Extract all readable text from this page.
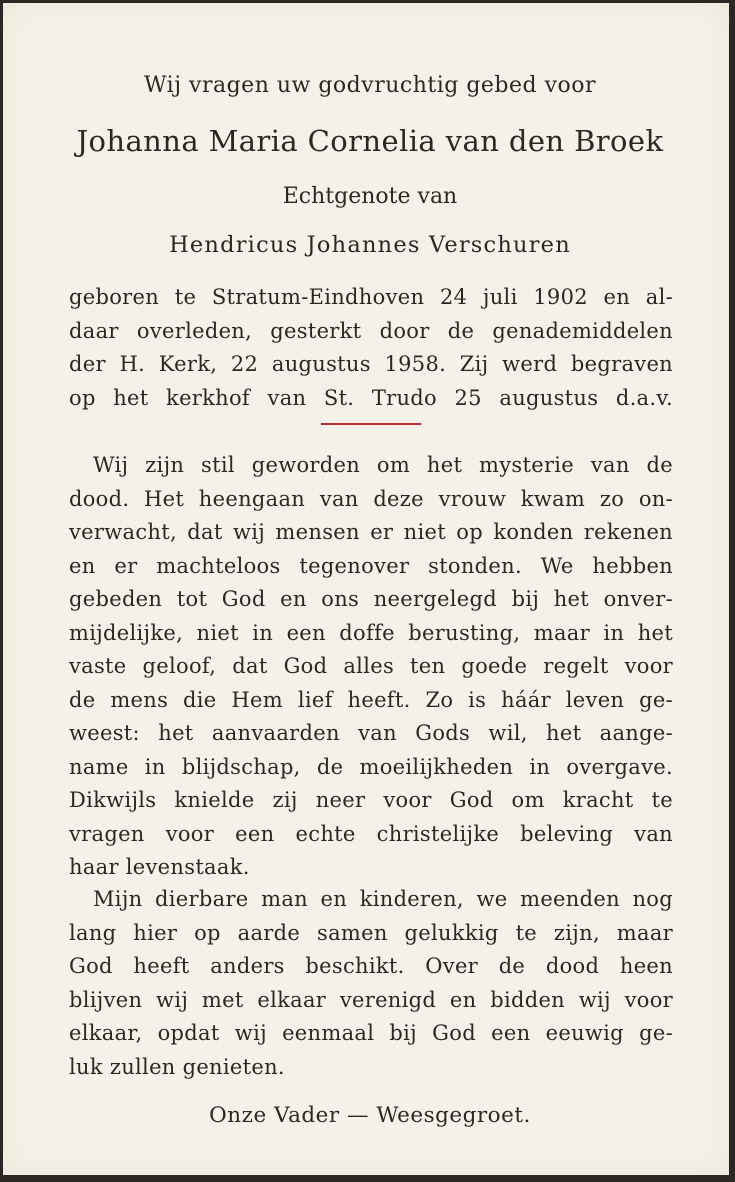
Wij vragen uw godvruchtig gebed voor
Johanna Maria Cornelia van den Broek
Echtgenote van
Hendricus Johannes Verschuren
geboren te Stratum-Eindhoven 24 juli 1902 en al-
daar overleden, gesterkt door de genademiddelen
der H. Kerk, 22 augustus 1958. Zij werd begraven
op het kerkhof van St. Trudo 25 augustus d.a.v.
Wij zijn stil geworden om het mysterie van de
dood. Het heengaan van deze vrouw kwam zo on-
verwacht, dat wij mensen er niet op konden rekenen
en er machteloos tegenover stonden. We hebben
gebeden tot God en ons neergelegd bij het onver-
mijdelijke, niet in een doffe berusting, maar in het
vaste geloof, dat God alles ten goede regelt voor
de mens die Hem lief heeft. Zo is háár leven ge-
weest: het aanvaarden van Gods wil, het aange-
name in blijdschap, de moeilijkheden in overgave.
Dikwijls knielde zij neer voor God om kracht te
vragen voor een echte christelijke beleving van
haar levenstaak.
Mijn dierbare man en kinderen, we meenden nog
lang hier op aarde samen gelukkig te zijn, maar
God heeft anders beschikt. Over de dood heen
blijven wij met elkaar verenigd en bidden wij voor
elkaar, opdat wij eenmaal bij God een eeuwig ge-
luk zullen genieten.
Onze Vader — Weesgegroet.
